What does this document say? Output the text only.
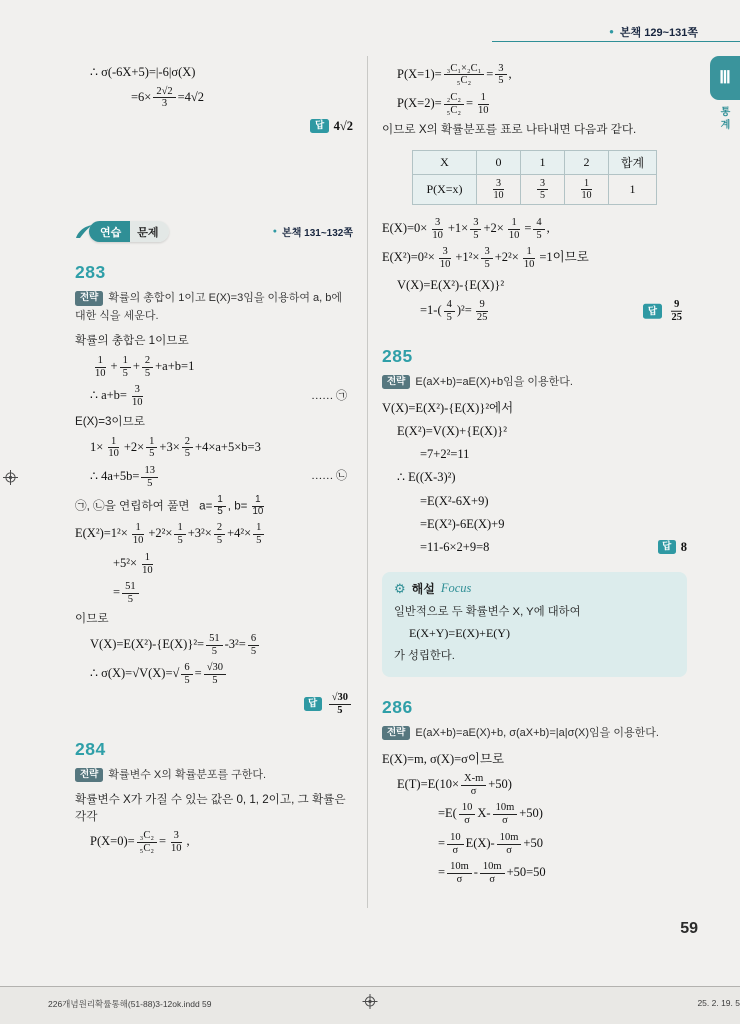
● 본책 129~131쪽
Ⅲ
통계
∴ σ(-6X+5)=|-6|σ(X)
$=6\times \frac{2√2}{3} =4√2$
답 4√2
연습	문제	● 본책 131~132쪽
283

전략 확률의 총합이 1이고 E(X)=3임을 이용하여 a, b에 대한 식을 세운다.

확률의 총합은 1이므로
$\frac{1}{10} + \frac{1}{5} + \frac{2}{5} +a+b=1$
∴ $a+b= \frac{3}{10}$	…… ㉠
E(X)=3이므로
$1\times \frac{1}{10} +2\times \frac{1}{5} +3\times \frac{2}{5} +4\times a+5\times b=3$
∴ $4a+5b= \frac{13}{5}$	…… ㉡
㉠, ㉡을 연립하여 풀면   $a= \frac{1}{5}$ , $b= \frac{1}{10}$
$E(X^2)=1^2\times \frac{1}{10} +2^2\times \frac{1}{5} +3^2\times \frac{2}{5} +4^2\times \frac{1}{5}$
$+5^2\times \frac{1}{10}$
= $\frac{51}{5}$
이므로
$V(X)=E(X^2)-\{E(X)\}^2= \frac{51}{5} -3^2= \frac{6}{5}$
∴ $\sigma(X)=√V(X)=√ \frac{6}{5} = \frac{√30}{5}$
답	$\frac{√30}{5}$
284

전략 확률변수 X의 확률분포를 구한다.

확률변수 X가 가질 수 있는 값은 0, 1, 2이고, 그 확률은 각각
$P(X=0)= \frac{\text{₃C₂}}{\text{₅C₂}} = \frac{3}{10}$ ,
$P(X=1)= \frac{\text{₃C₁×₂C₁}}{\text{₅C₂}} = \frac{3}{5}$ ,
$P(X=2)= \frac{\text{₂C₂}}{\text{₅C₂}} = \frac{1}{10}$
이므로 X의 확률분포를 표로 나타내면 다음과 같다.
X	0	1	2	합계
P(X=x)	$\frac{3}{10}$	$\frac{3}{5}$	$\frac{1}{10}$	1
$E(X)=0\times \frac{3}{10} +1\times \frac{3}{5} +2\times \frac{1}{10} = \frac{4}{5}$ ,
$E(X^2)=0^2\times \frac{3}{10} +1^2\times \frac{3}{5} +2^2\times \frac{1}{10} =1$이므로
V(X)=E(X²)-{E(X)}²
$=1-( \frac{4}{5} )^2= \frac{9}{25}$	답	$\frac{9}{25}$
285

전략 E(aX+b)=aE(X)+b임을 이용한다.

V(X)=E(X²)-{E(X)}²에서
E(X²)=V(X)+{E(X)}²
=7+2²=11
∴ E((X-3)²)
=E(X²-6X+9)
=E(X²)-6E(X)+9
=11-6×2+9=8	답 8
⚙ 해설 Focus
일반적으로 두 확률변수 X, Y에 대하여
E(X+Y)=E(X)+E(Y)
가 성립한다.
286

전략 E(aX+b)=aE(X)+b, σ(aX+b)=|a|σ(X)임을 이용한다.

E(X)=m, σ(X)=σ이므로
$E(T)=E(10\times \frac{X-m}{\sigma} +50)$
$=E( \frac{10}{\sigma} X- \frac{10m}{\sigma} +50)$
= $\frac{10}{\sigma} E(X)- \frac{10m}{\sigma} +50$
= $\frac{10m}{\sigma} - \frac{10m}{\sigma} +50=50$
59
226개념원리확률통해(51-88)3-12ok.indd 59	25. 2. 19. 5
